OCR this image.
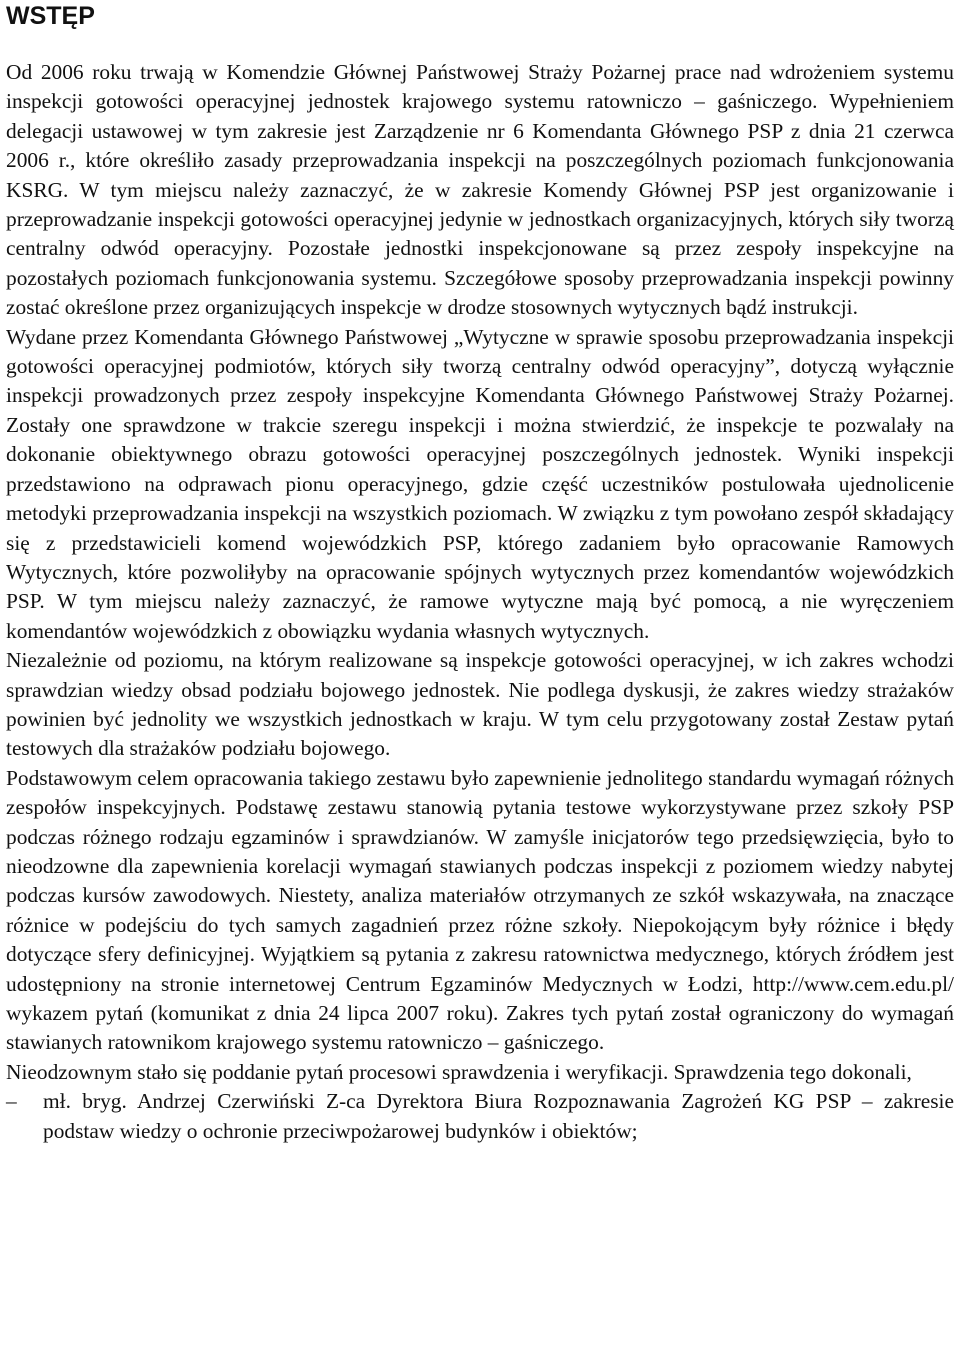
WSTĘP

Od 2006 roku trwają w Komendzie Głównej Państwowej Straży Pożarnej prace nad wdrożeniem systemu inspekcji gotowości operacyjnej jednostek krajowego systemu ratowniczo – gaśniczego. Wypełnieniem delegacji ustawowej w tym zakresie jest Zarządzenie nr 6 Komendanta Głównego PSP z dnia 21 czerwca 2006 r., które określiło zasady przeprowadzania inspekcji na poszczególnych poziomach funkcjonowania KSRG. W tym miejscu należy zaznaczyć, że w zakresie Komendy Głównej PSP jest organizowanie i przeprowadzanie inspekcji gotowości operacyjnej jedynie w jednostkach organizacyjnych, których siły tworzą centralny odwód operacyjny. Pozostałe jednostki inspekcjonowane są przez zespoły inspekcyjne na pozostałych poziomach funkcjonowania systemu. Szczegółowe sposoby przeprowadzania inspekcji powinny zostać określone przez organizujących inspekcje w drodze stosownych wytycznych bądź instrukcji.

Wydane przez Komendanta Głównego Państwowej „Wytyczne w sprawie sposobu przeprowadzania inspekcji gotowości operacyjnej podmiotów, których siły tworzą centralny odwód operacyjny”, dotyczą wyłącznie inspekcji prowadzonych przez zespoły inspekcyjne Komendanta Głównego Państwowej Straży Pożarnej. Zostały one sprawdzone w trakcie szeregu inspekcji i można stwierdzić, że inspekcje te pozwalały na dokonanie obiektywnego obrazu gotowości operacyjnej poszczególnych jednostek. Wyniki inspekcji przedstawiono na odprawach pionu operacyjnego, gdzie część uczestników postulowała ujednolicenie metodyki przeprowadzania inspekcji na wszystkich poziomach. W związku z tym powołano zespół składający się z przedstawicieli komend wojewódzkich PSP, którego zadaniem było opracowanie Ramowych Wytycznych, które pozwoliłyby na opracowanie spójnych wytycznych przez komendantów wojewódzkich PSP. W tym miejscu należy zaznaczyć, że ramowe wytyczne mają być pomocą, a nie wyręczeniem komendantów wojewódzkich z obowiązku wydania własnych wytycznych.

Niezależnie od poziomu, na którym realizowane są inspekcje gotowości operacyjnej, w ich zakres wchodzi sprawdzian wiedzy obsad podziału bojowego jednostek. Nie podlega dyskusji, że zakres wiedzy strażaków powinien być jednolity we wszystkich jednostkach w kraju. W tym celu przygotowany został Zestaw pytań testowych dla strażaków podziału bojowego.

Podstawowym celem opracowania takiego zestawu było zapewnienie jednolitego standardu wymagań różnych zespołów inspekcyjnych. Podstawę zestawu stanowią pytania testowe wykorzystywane przez szkoły PSP podczas różnego rodzaju egzaminów i sprawdzianów. W zamyśle inicjatorów tego przedsięwzięcia, było to nieodzowne dla zapewnienia korelacji wymagań stawianych podczas inspekcji z poziomem wiedzy nabytej podczas kursów zawodowych. Niestety, analiza materiałów otrzymanych ze szkół wskazywała, na znaczące różnice w podejściu do tych samych zagadnień przez różne szkoły. Niepokojącym były różnice i błędy dotyczące sfery definicyjnej. Wyjątkiem są pytania z zakresu ratownictwa medycznego, których źródłem jest udostępniony na stronie internetowej Centrum Egzaminów Medycznych w Łodzi, http://www.cem.edu.pl/ wykazem pytań (komunikat z dnia 24 lipca 2007 roku). Zakres tych pytań został ograniczony do wymagań stawianych ratownikom krajowego systemu ratowniczo – gaśniczego.

Nieodzownym stało się poddanie pytań procesowi sprawdzenia i weryfikacji. Sprawdzenia tego dokonali,

– mł. bryg. Andrzej Czerwiński Z-ca Dyrektora Biura Rozpoznawania Zagrożeń KG PSP – zakresie podstaw wiedzy o ochronie przeciwpożarowej budynków i obiektów;
